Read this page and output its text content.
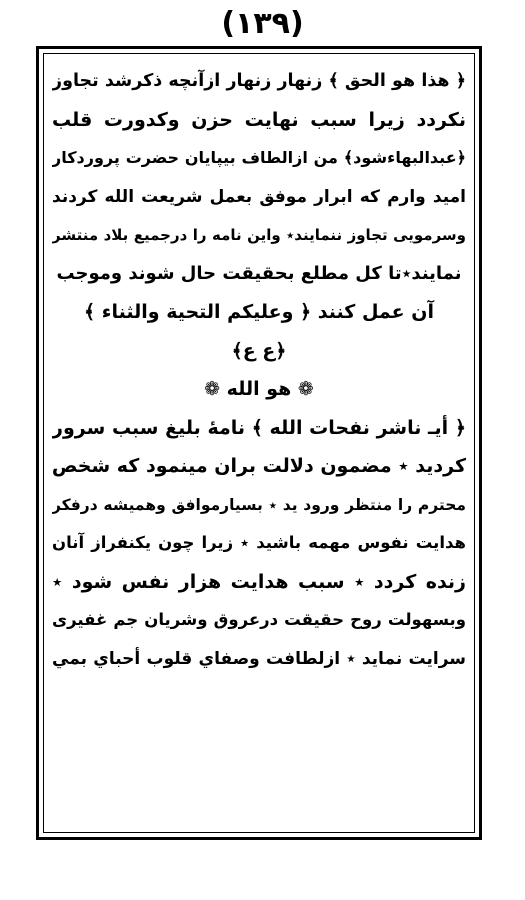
(١٣٩)
﴿ هذا هو الحق ﴾ زنهار زنهار ازآنچه ذکرشد تجاوز
نکردد زیرا سبب نهایت حزن وکدورت قلب
﴿عبدالبهاءشود﴾ من ازالطاف بیپایان حضرت پروردکار
امید وارم که ابرار موفق بعمل شریعت الله کردند
وسرمویی تجاوز ننمایند٭ واین نامه را درجمیع بلاد منتشر
نمایند٭تا کل مطلع بحقیقت حال شوند وموجب
آن عمل کنند ﴿ وعليكم التحية والثناء ﴾
﴿ع ع﴾
❁ هو الله ❁
﴿ أيـ ناشر نفحات الله ﴾ نامهٔ بليغ سبب سرور
کردید ٭ مضمون دلالت بران مینمود که شخص
محترم را منتظر ورود ید ٭ بسیارموافق وهمیشه درفکر
هدایت نفوس مهمه باشید ٭ زیرا چون یکنفراز آنان
زنده کردد ٭ سبب هدایت هزار نفس شود ٭
وبسهولت روح حقیقت درعروق وشریان جم غفیری
سرایت نماید ٭ ازلطافت وصفاي قلوب أحباي بمي
